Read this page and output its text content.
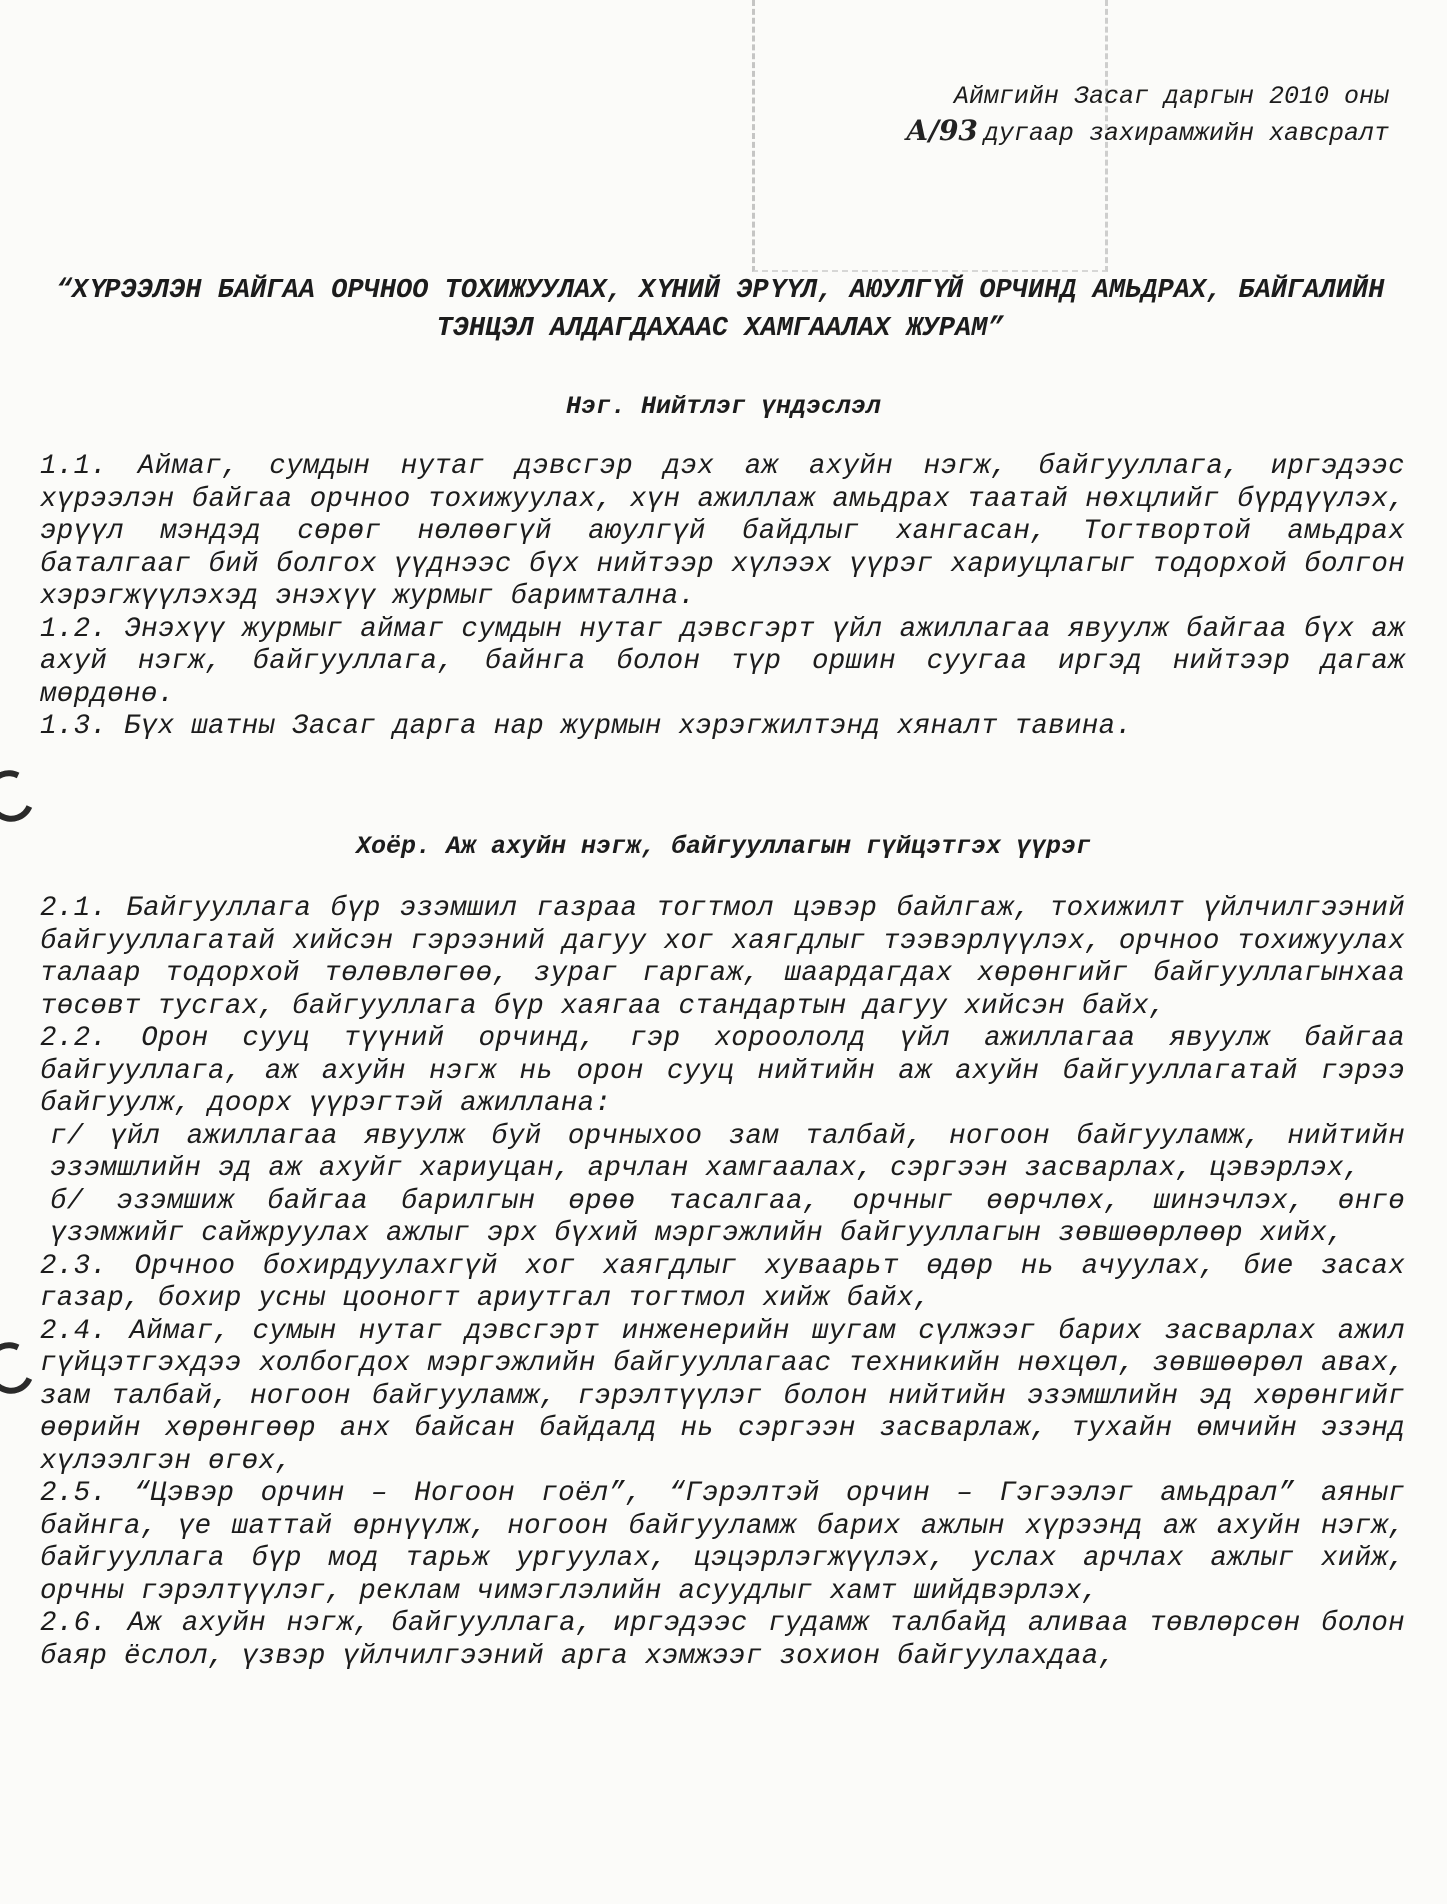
Аймгийн Засаг даргын 2010 оны
А/93 дугаар захирамжийн хавсралт
“ХҮРЭЭЛЭН БАЙГАА ОРЧНОО ТОХИЖУУЛАХ, ХҮНИЙ ЭРҮҮЛ, АЮУЛГҮЙ ОРЧИНД АМЬДРАХ, БАЙГАЛИЙН ТЭНЦЭЛ АЛДАГДАХААС ХАМГААЛАХ ЖУРАМ”
Нэг. Нийтлэг үндэслэл

1.1. Аймаг, сумдын нутаг дэвсгэр дэх аж ахуйн нэгж, байгууллага, иргэдээс хүрээлэн байгаа орчноо тохижуулах, хүн ажиллаж амьдрах таатай нөхцлийг бүрдүүлэх, эрүүл мэндэд сөрөг нөлөөгүй аюулгүй байдлыг хангасан, Тогтвортой амьдрах баталгааг бий болгох үүднээс бүх нийтээр хүлээх үүрэг хариуцлагыг тодорхой болгон хэрэгжүүлэхэд энэхүү журмыг баримтална.

1.2. Энэхүү журмыг аймаг сумдын нутаг дэвсгэрт үйл ажиллагаа явуулж байгаа бүх аж ахуй нэгж, байгууллага, байнга болон түр оршин суугаа иргэд нийтээр дагаж мөрдөнө.

1.3. Бүх шатны Засаг дарга нар журмын хэрэгжилтэнд хяналт тавина.

Хоёр. Аж ахуйн нэгж, байгууллагын гүйцэтгэх үүрэг

2.1. Байгууллага бүр эзэмшил газраа тогтмол цэвэр байлгаж, тохижилт үйлчилгээний байгууллагатай хийсэн гэрээний дагуу хог хаягдлыг тээвэрлүүлэх, орчноо тохижуулах талаар тодорхой төлөвлөгөө, зураг гаргаж, шаардагдах хөрөнгийг байгууллагынхаа төсөвт тусгах, байгууллага бүр хаягаа стандартын дагуу хийсэн байх,

2.2. Орон сууц түүний орчинд, гэр хороололд үйл ажиллагаа явуулж байгаа байгууллага, аж ахуйн нэгж нь орон сууц нийтийн аж ахуйн байгууллагатай гэрээ байгуулж, доорх үүрэгтэй ажиллана:

г/ үйл ажиллагаа явуулж буй орчныхоо зам талбай, ногоон байгууламж, нийтийн эзэмшлийн эд аж ахуйг хариуцан, арчлан хамгаалах, сэргээн засварлах, цэвэрлэх,

б/ эзэмшиж байгаа барилгын өрөө тасалгаа, орчныг өөрчлөх, шинэчлэх, өнгө үзэмжийг сайжруулах ажлыг эрх бүхий мэргэжлийн байгууллагын зөвшөөрлөөр хийх,

2.3. Орчноо бохирдуулахгүй хог хаягдлыг хуваарьт өдөр нь ачуулах, бие засах газар, бохир усны цооногт ариутгал тогтмол хийж байх,

2.4. Аймаг, сумын нутаг дэвсгэрт инженерийн шугам сүлжээг барих засварлах ажил гүйцэтгэхдээ холбогдох мэргэжлийн байгууллагаас техникийн нөхцөл, зөвшөөрөл авах, зам талбай, ногоон байгууламж, гэрэлтүүлэг болон нийтийн эзэмшлийн эд хөрөнгийг өөрийн хөрөнгөөр анх байсан байдалд нь сэргээн засварлаж, тухайн өмчийн эзэнд хүлээлгэн өгөх,

2.5. “Цэвэр орчин – Ногоон гоёл”, “Гэрэлтэй орчин – Гэгээлэг амьдрал” аяныг байнга, үе шаттай өрнүүлж, ногоон байгууламж барих ажлын хүрээнд аж ахуйн нэгж, байгууллага бүр мод тарьж ургуулах, цэцэрлэгжүүлэх, услах арчлах ажлыг хийж, орчны гэрэлтүүлэг, реклам чимэглэлийн асуудлыг хамт шийдвэрлэх,

2.6. Аж ахуйн нэгж, байгууллага, иргэдээс гудамж талбайд аливаа төвлөрсөн болон баяр ёслол, үзвэр үйлчилгээний арга хэмжээг зохион байгуулахдаа,
